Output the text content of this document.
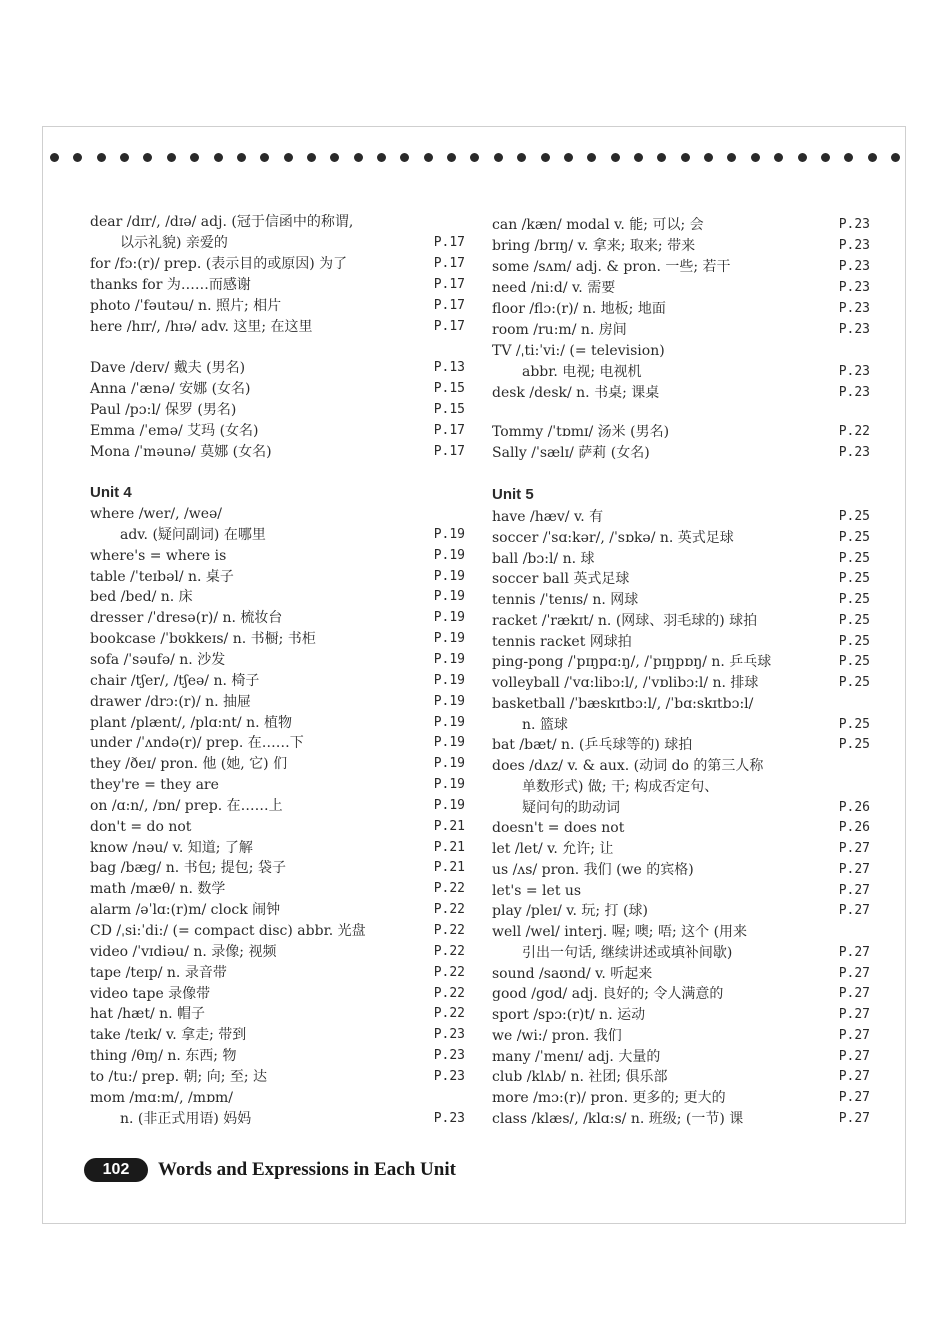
dear /dɪr/, /dɪə/ adj. (冠于信函中的称谓,
以示礼貌) 亲爱的	P.17
for /fɔ:(r)/ prep. (表示目的或原因) 为了	P.17
thanks for 为……而感谢	P.17
photo /ˈfəutəu/ n. 照片; 相片	P.17
here /hɪr/, /hɪə/ adv. 这里; 在这里	P.17
Dave /deɪv/ 戴夫 (男名)	P.13
Anna /ˈænə/ 安娜 (女名)	P.15
Paul /pɔ:l/ 保罗 (男名)	P.15
Emma /ˈemə/ 艾玛 (女名)	P.17
Mona /ˈməunə/ 莫娜 (女名)	P.17
Unit 4
where /wer/, /weə/
adv. (疑问副词) 在哪里	P.19
where's = where is	P.19
table /ˈteɪbəl/ n. 桌子	P.19
bed /bed/ n. 床	P.19
dresser /ˈdresə(r)/ n. 梳妆台	P.19
bookcase /ˈbʊkkeɪs/ n. 书橱; 书柜	P.19
sofa /ˈsəufə/ n. 沙发	P.19
chair /tʃer/, /tʃeə/ n. 椅子	P.19
drawer /drɔ:(r)/ n. 抽屉	P.19
plant /plænt/, /plɑ:nt/ n. 植物	P.19
under /ˈʌndə(r)/ prep. 在……下	P.19
they /ðeɪ/ pron. 他 (她, 它) 们	P.19
they're = they are	P.19
on /ɑ:n/, /ɒn/ prep. 在……上	P.19
don't = do not	P.21
know /nəu/ v. 知道; 了解	P.21
bag /bæg/ n. 书包; 提包; 袋子	P.21
math /mæθ/ n. 数学	P.22
alarm /əˈlɑ:(r)m/ clock 闹钟	P.22
CD /ˌsi:ˈdi:/ (= compact disc) abbr. 光盘	P.22
video /ˈvɪdiəu/ n. 录像; 视频	P.22
tape /teɪp/ n. 录音带	P.22
video tape 录像带	P.22
hat /hæt/ n. 帽子	P.22
take /teɪk/ v. 拿走; 带到	P.23
thing /θɪŋ/ n. 东西; 物	P.23
to /tu:/ prep. 朝; 向; 至; 达	P.23
mom /mɑ:m/, /mɒm/
n. (非正式用语) 妈妈	P.23
can /kæn/ modal v. 能; 可以; 会	P.23
bring /brɪŋ/ v. 拿来; 取来; 带来	P.23
some /sʌm/ adj. & pron. 一些; 若干	P.23
need /ni:d/ v. 需要	P.23
floor /flɔ:(r)/ n. 地板; 地面	P.23
room /ru:m/ n. 房间	P.23
TV /ˌti:ˈvi:/ (= television)
abbr. 电视; 电视机	P.23
desk /desk/ n. 书桌; 课桌	P.23
Tommy /ˈtɒmɪ/ 汤米 (男名)	P.22
Sally /ˈsælɪ/ 萨莉 (女名)	P.23
Unit 5
have /hæv/ v. 有	P.25
soccer /ˈsɑ:kər/, /ˈsɒkə/ n. 英式足球	P.25
ball /bɔ:l/ n. 球	P.25
soccer ball 英式足球	P.25
tennis /ˈtenɪs/ n. 网球	P.25
racket /ˈrækɪt/ n. (网球、羽毛球的) 球拍	P.25
tennis racket 网球拍	P.25
ping-pong /ˈpɪŋpɑ:ŋ/, /ˈpɪŋpɒŋ/ n. 乒乓球	P.25
volleyball /ˈvɑ:libɔ:l/, /ˈvɒlibɔ:l/ n. 排球	P.25
basketball /ˈbæskɪtbɔ:l/, /ˈbɑ:skɪtbɔ:l/
n. 篮球	P.25
bat /bæt/ n. (乒乓球等的) 球拍	P.25
does /dʌz/ v. & aux. (动词 do 的第三人称
单数形式) 做; 干; 构成否定句、
疑问句的助动词	P.26
doesn't = does not	P.26
let /let/ v. 允许; 让	P.27
us /ʌs/ pron. 我们 (we 的宾格)	P.27
let's = let us	P.27
play /pleɪ/ v. 玩; 打 (球)	P.27
well /wel/ interj. 喔; 噢; 唔; 这个 (用来
引出一句话, 继续讲述或填补间歇)	P.27
sound /saʊnd/ v. 听起来	P.27
good /gʊd/ adj. 良好的; 令人满意的	P.27
sport /spɔ:(r)t/ n. 运动	P.27
we /wi:/ pron. 我们	P.27
many /ˈmenɪ/ adj. 大量的	P.27
club /klʌb/ n. 社团; 俱乐部	P.27
more /mɔ:(r)/ pron. 更多的; 更大的	P.27
class /klæs/, /klɑ:s/ n. 班级; (一节) 课	P.27
102	Words and Expressions in Each Unit
